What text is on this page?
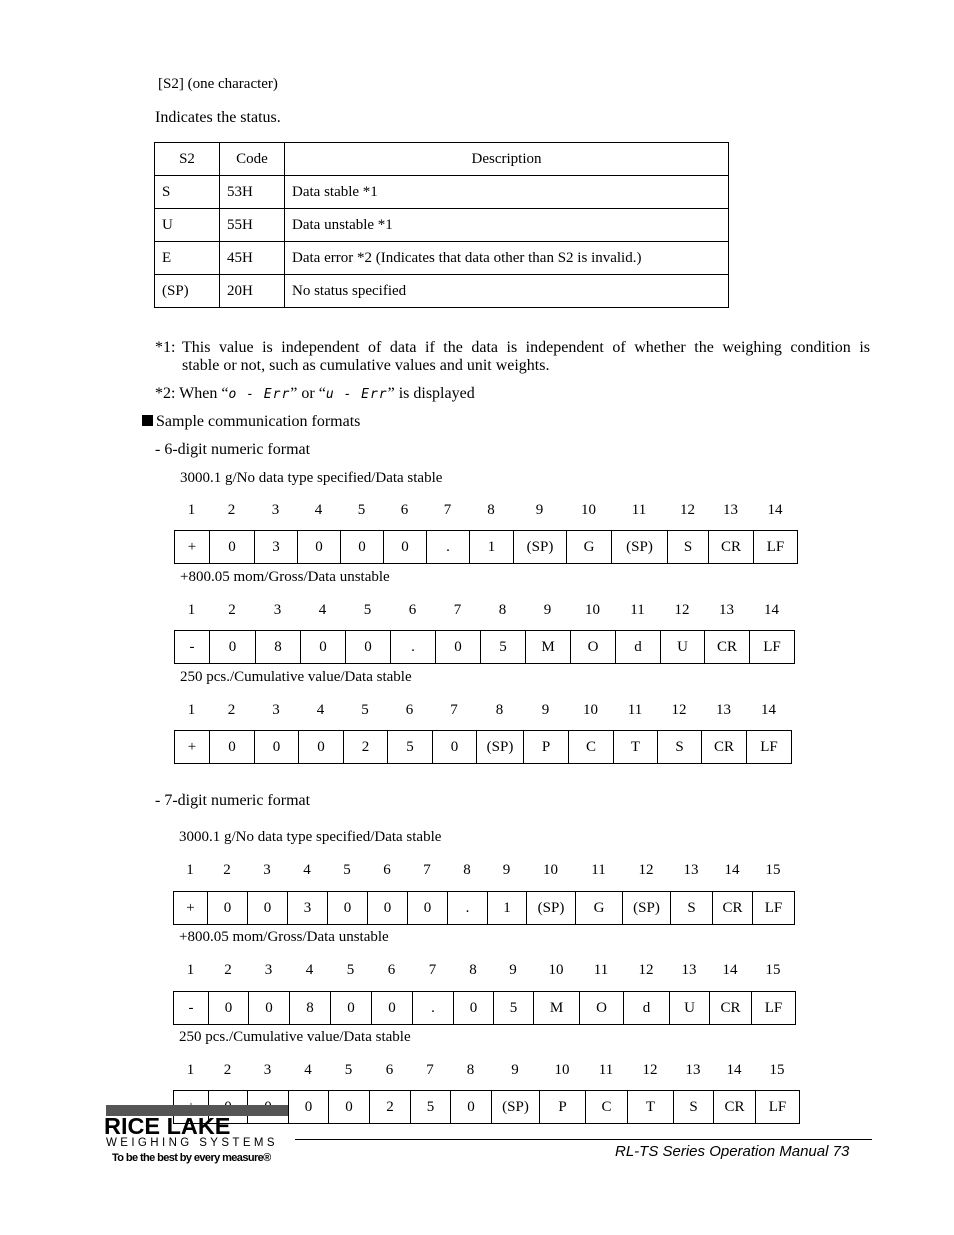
[S2] (one character)
Indicates the status.
S2	Code	Description
S	53H	Data stable *1
U	55H	Data unstable *1
E	45H	Data error *2 (Indicates that data other than S2 is invalid.)
(SP)	20H	No status specified
*1: This value is independent of data if the data is independent of whether the weighing condition is
stable or not, such as cumulative values and unit weights.
*2: When “o - Err” or “u - Err” is displayed
Sample communication formats
- 6-digit numeric format
- 7-digit numeric format
3000.1 g/No data type specified/Data stable
1 2 3 4 5 6 7 8	9	10 11 12 13 14
+	0	3	0	0	0	.	1	(SP)	G	(SP)	S	CR	LF
+800.05 mom/Gross/Data unstable
1 2	3	4	5	6	7	8	9 10 11 12 13 14
-	0	8	0	0	.	0	5	M	O	d	U	CR	LF
250 pcs./Cumulative value/Data stable
1 2 3 4 5 6 7	8	9 10 11 12 13 14
+	0	0	0	2	5	0	(SP)	P	C	T	S	CR	LF
3000.1 g/No data type specified/Data stable
1 2 3 4 5 6 7 8 9 10 11 12 13 14 15
+	0	0	3	0	0	0	.	1	(SP)	G	(SP)	S	CR	LF
+800.05 mom/Gross/Data unstable
1 2 3 4 5 6 7 8 9 10 11 12 13 14 15
-	0	0	8	0	0	.	0	5	M	O	d	U	CR	LF
250 pcs./Cumulative value/Data stable
1 2 3 4 5 6 7 8 9 10 11 12 13 14 15
			0	0	2	5	0	(SP)	P	C	T	S	CR	LF
RICE LAKE
WEIGHING SYSTEMS
To be the best by every measure®	RL-TS Series Operation Manual 73
